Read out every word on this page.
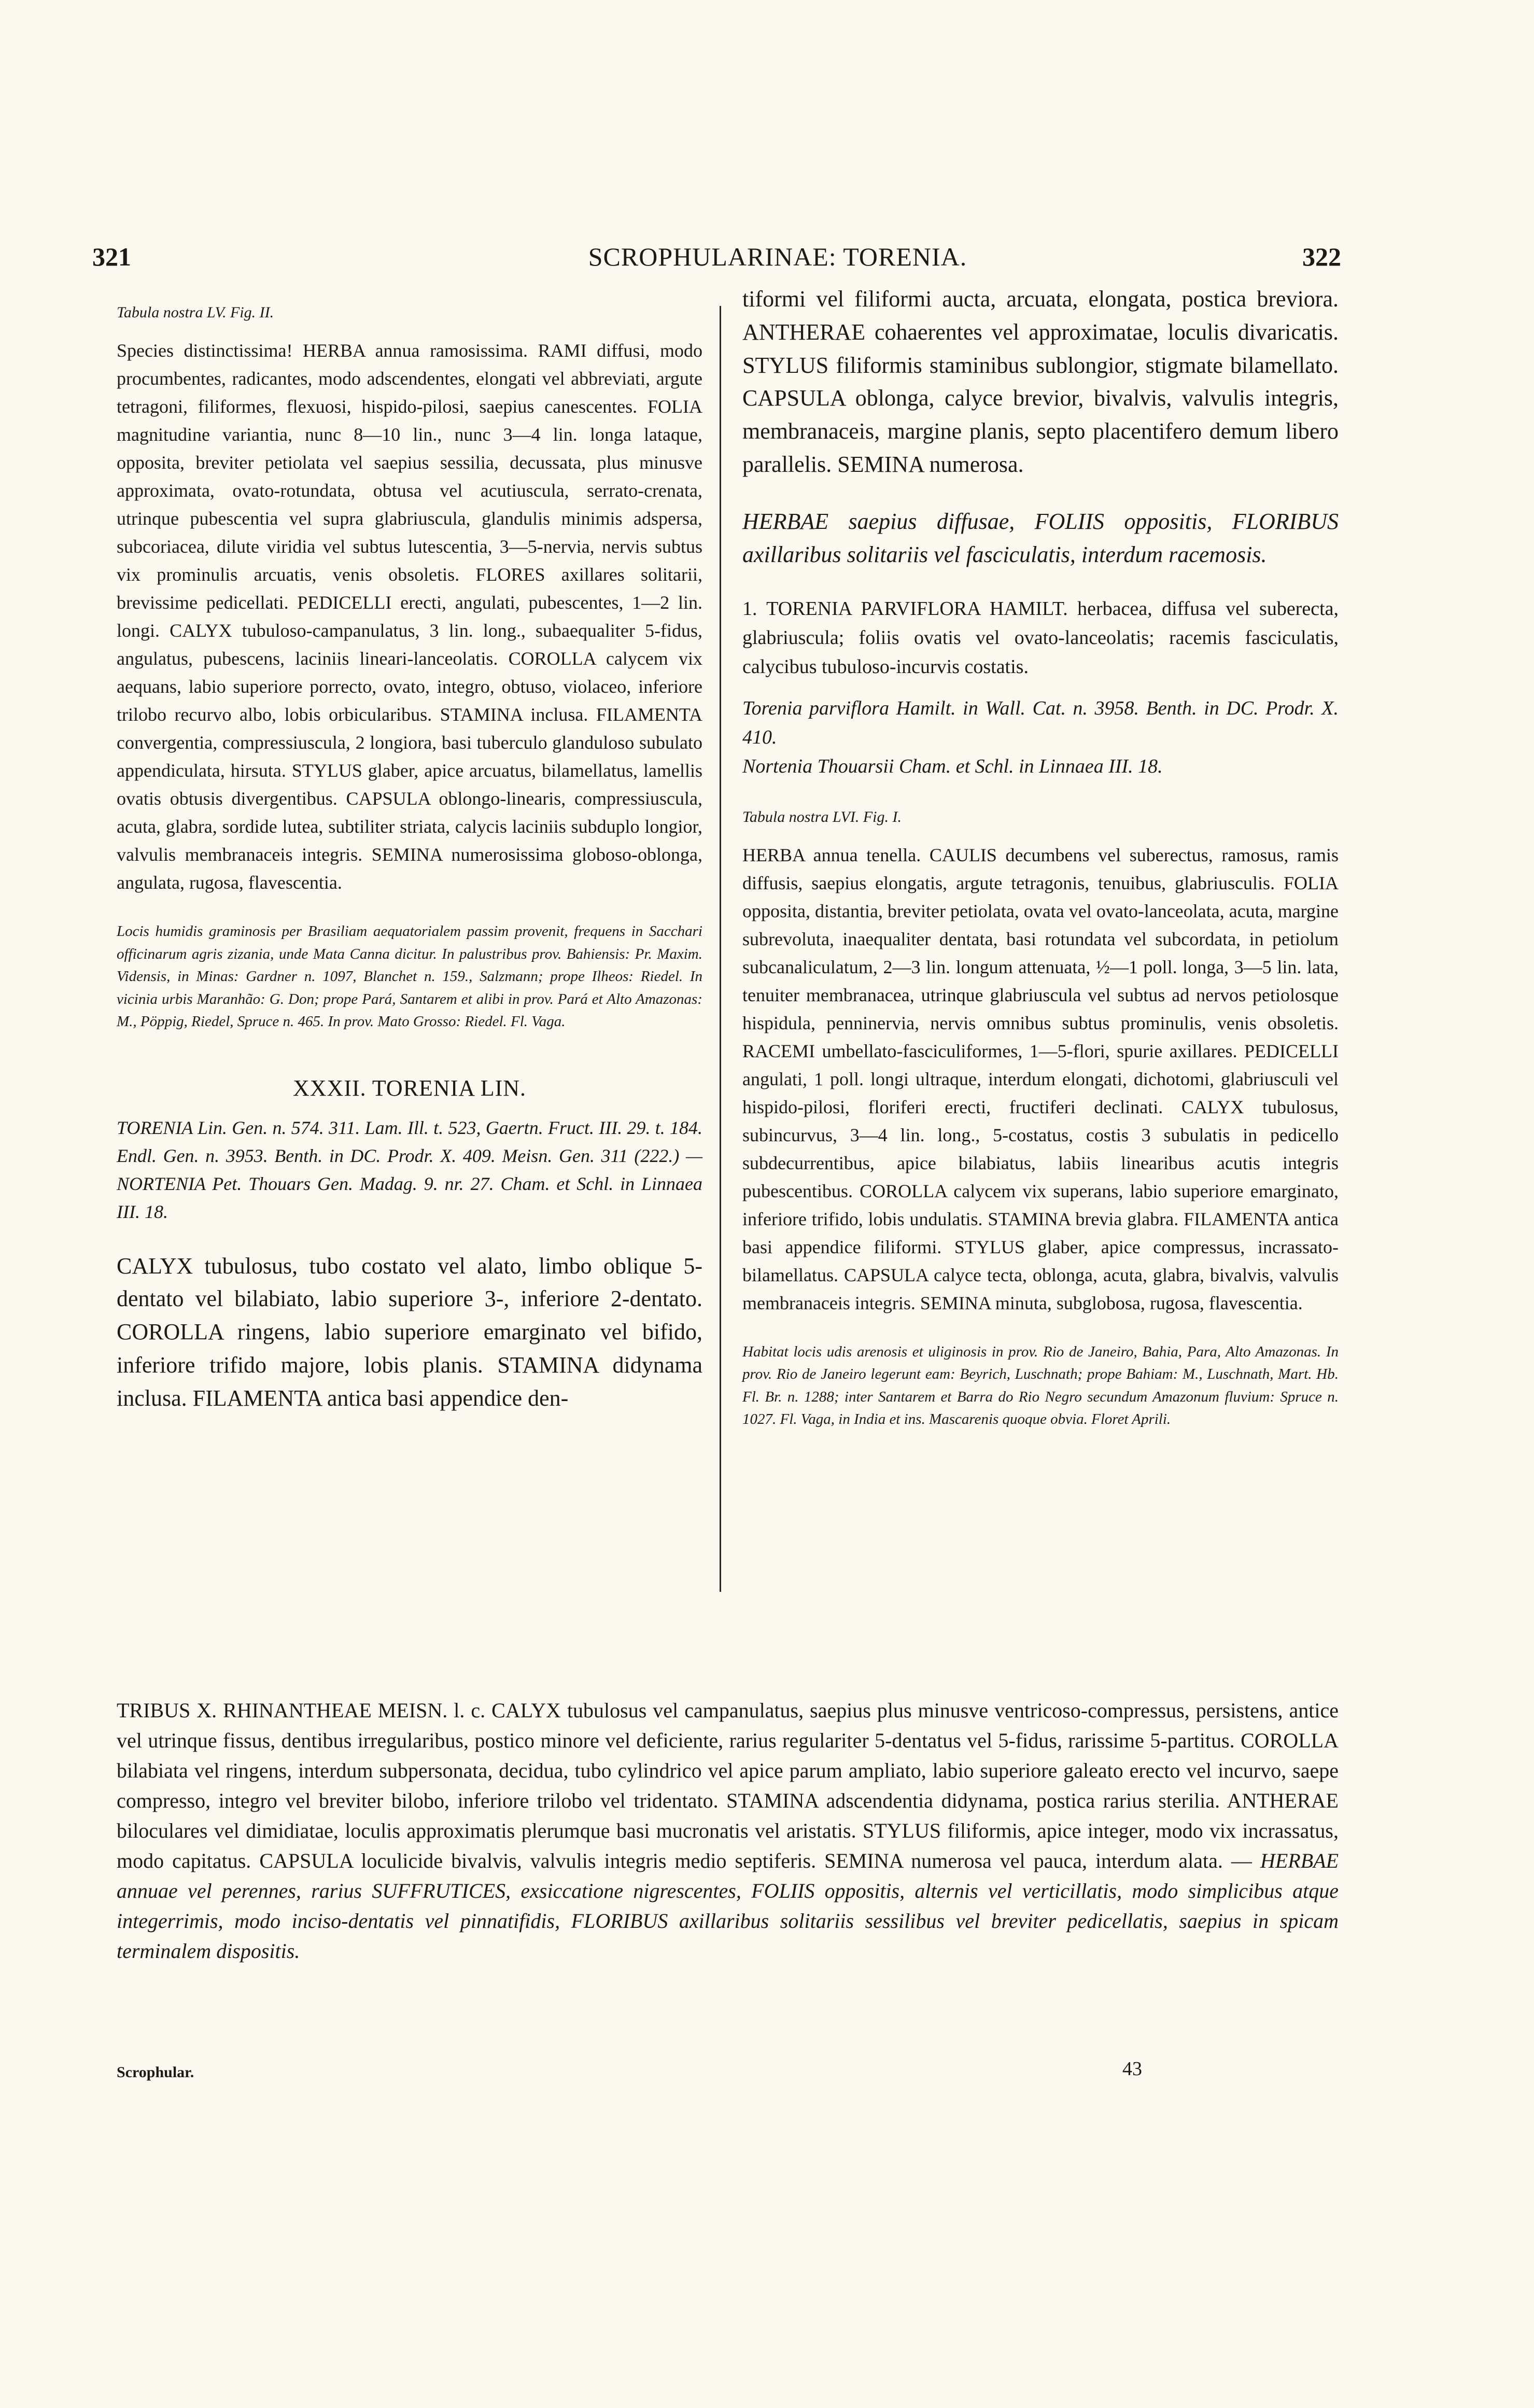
321	SCROPHULARINAE: TORENIA.	322

Tabula nostra LV. Fig. II.

Species distinctissima! HERBA annua ramosissima. RAMI diffusi, modo procumbentes, radicantes, modo adscendentes, elongati vel abbreviati, argute tetragoni, filiformes, flexuosi, hispido-pilosi, saepius canescentes. FOLIA magnitudine variantia, nunc 8—10 lin., nunc 3—4 lin. longa lataque, opposita, breviter petiolata vel saepius sessilia, decussata, plus minusve approximata, ovato-rotundata, obtusa vel acutiuscula, serrato-crenata, utrinque pubescentia vel supra glabriuscula, glandulis minimis adspersa, subcoriacea, dilute viridia vel subtus lutescentia, 3—5-nervia, nervis subtus vix prominulis arcuatis, venis obsoletis. FLORES axillares solitarii, brevissime pedicellati. PEDICELLI erecti, angulati, pubescentes, 1—2 lin. longi. CALYX tubuloso-campanulatus, 3 lin. long., subaequaliter 5-fidus, angulatus, pubescens, laciniis lineari-lanceolatis. COROLLA calycem vix aequans, labio superiore porrecto, ovato, integro, obtuso, violaceo, inferiore trilobo recurvo albo, lobis orbicularibus. STAMINA inclusa. FILAMENTA convergentia, compressiuscula, 2 longiora, basi tuberculo glanduloso subulato appendiculata, hirsuta. STYLUS glaber, apice arcuatus, bilamellatus, lamellis ovatis obtusis divergentibus. CAPSULA oblongo-linearis, compressiuscula, acuta, glabra, sordide lutea, subtiliter striata, calycis laciniis subduplo longior, valvulis membranaceis integris. SEMINA numerosissima globoso-oblonga, angulata, rugosa, flavescentia.

Locis humidis graminosis per Brasiliam aequatorialem passim provenit, frequens in Sacchari officinarum agris zizania, unde Mata Canna dicitur. In palustribus prov. Bahiensis: Pr. Maxim. Vidensis, in Minas: Gardner n. 1097, Blanchet n. 159., Salzmann; prope Ilheos: Riedel. In vicinia urbis Maranhão: G. Don; prope Pará, Santarem et alibi in prov. Pará et Alto Amazonas: M., Pöppig, Riedel, Spruce n. 465. In prov. Mato Grosso: Riedel. Fl. Vaga.

XXXII. TORENIA LIN.

TORENIA Lin. Gen. n. 574. 311. Lam. Ill. t. 523, Gaertn. Fruct. III. 29. t. 184. Endl. Gen. n. 3953. Benth. in DC. Prodr. X. 409. Meisn. Gen. 311 (222.) — NORTENIA Pet. Thouars Gen. Madag. 9. nr. 27. Cham. et Schl. in Linnaea III. 18.

CALYX tubulosus, tubo costato vel alato, limbo oblique 5-dentato vel bilabiato, labio superiore 3-, inferiore 2-dentato. COROLLA ringens, labio superiore emarginato vel bifido, inferiore trifido majore, lobis planis. STAMINA didynama inclusa. FILAMENTA antica basi appendice den-

tiformi vel filiformi aucta, arcuata, elongata, postica breviora. ANTHERAE cohaerentes vel approximatae, loculis divaricatis. STYLUS filiformis staminibus sublongior, stigmate bilamellato. CAPSULA oblonga, calyce brevior, bivalvis, valvulis integris, membranaceis, margine planis, septo placentifero demum libero parallelis. SEMINA numerosa.

HERBAE saepius diffusae, FOLIIS oppositis, FLORIBUS axillaribus solitariis vel fasciculatis, interdum racemosis.

1. TORENIA PARVIFLORA HAMILT. herbacea, diffusa vel suberecta, glabriuscula; foliis ovatis vel ovato-lanceolatis; racemis fasciculatis, calycibus tubuloso-incurvis costatis.

Torenia parviflora Hamilt. in Wall. Cat. n. 3958. Benth. in DC. Prodr. X. 410.

Nortenia Thouarsii Cham. et Schl. in Linnaea III. 18.

Tabula nostra LVI. Fig. I.

HERBA annua tenella. CAULIS decumbens vel suberectus, ramosus, ramis diffusis, saepius elongatis, argute tetragonis, tenuibus, glabriusculis. FOLIA opposita, distantia, breviter petiolata, ovata vel ovato-lanceolata, acuta, margine subrevoluta, inaequaliter dentata, basi rotundata vel subcordata, in petiolum subcanaliculatum, 2—3 lin. longum attenuata, ½—1 poll. longa, 3—5 lin. lata, tenuiter membranacea, utrinque glabriuscula vel subtus ad nervos petiolosque hispidula, penninervia, nervis omnibus subtus prominulis, venis obsoletis. RACEMI umbellato-fasciculiformes, 1—5-flori, spurie axillares. PEDICELLI angulati, 1 poll. longi ultraque, interdum elongati, dichotomi, glabriusculi vel hispido-pilosi, floriferi erecti, fructiferi declinati. CALYX tubulosus, subincurvus, 3—4 lin. long., 5-costatus, costis 3 subulatis in pedicello subdecurrentibus, apice bilabiatus, labiis linearibus acutis integris pubescentibus. COROLLA calycem vix superans, labio superiore emarginato, inferiore trifido, lobis undulatis. STAMINA brevia glabra. FILAMENTA antica basi appendice filiformi. STYLUS glaber, apice compressus, incrassato-bilamellatus. CAPSULA calyce tecta, oblonga, acuta, glabra, bivalvis, valvulis membranaceis integris. SEMINA minuta, subglobosa, rugosa, flavescentia.

Habitat locis udis arenosis et uliginosis in prov. Rio de Janeiro, Bahia, Para, Alto Amazonas. In prov. Rio de Janeiro legerunt eam: Beyrich, Luschnath; prope Bahiam: M., Luschnath, Mart. Hb. Fl. Br. n. 1288; inter Santarem et Barra do Rio Negro secundum Amazonum fluvium: Spruce n. 1027. Fl. Vaga, in India et ins. Mascarenis quoque obvia. Floret Aprili.

TRIBUS X. RHINANTHEAE MEISN. l. c. CALYX tubulosus vel campanulatus, saepius plus minusve ventricoso-compressus, persistens, antice vel utrinque fissus, dentibus irregularibus, postico minore vel deficiente, rarius regulariter 5-dentatus vel 5-fidus, rarissime 5-partitus. COROLLA bilabiata vel ringens, interdum subpersonata, decidua, tubo cylindrico vel apice parum ampliato, labio superiore galeato erecto vel incurvo, saepe compresso, integro vel breviter bilobo, inferiore trilobo vel tridentato. STAMINA adscendentia didynama, postica rarius sterilia. ANTHERAE biloculares vel dimidiatae, loculis approximatis plerumque basi mucronatis vel aristatis. STYLUS filiformis, apice integer, modo vix incrassatus, modo capitatus. CAPSULA loculicide bivalvis, valvulis integris medio septiferis. SEMINA numerosa vel pauca, interdum alata. — HERBAE annuae vel perennes, rarius SUFFRUTICES, exsiccatione nigrescentes, FOLIIS oppositis, alternis vel verticillatis, modo simplicibus atque integerrimis, modo inciso-dentatis vel pinnatifidis, FLORIBUS axillaribus solitariis sessilibus vel breviter pedicellatis, saepius in spicam terminalem dispositis.
Scrophular.	43
